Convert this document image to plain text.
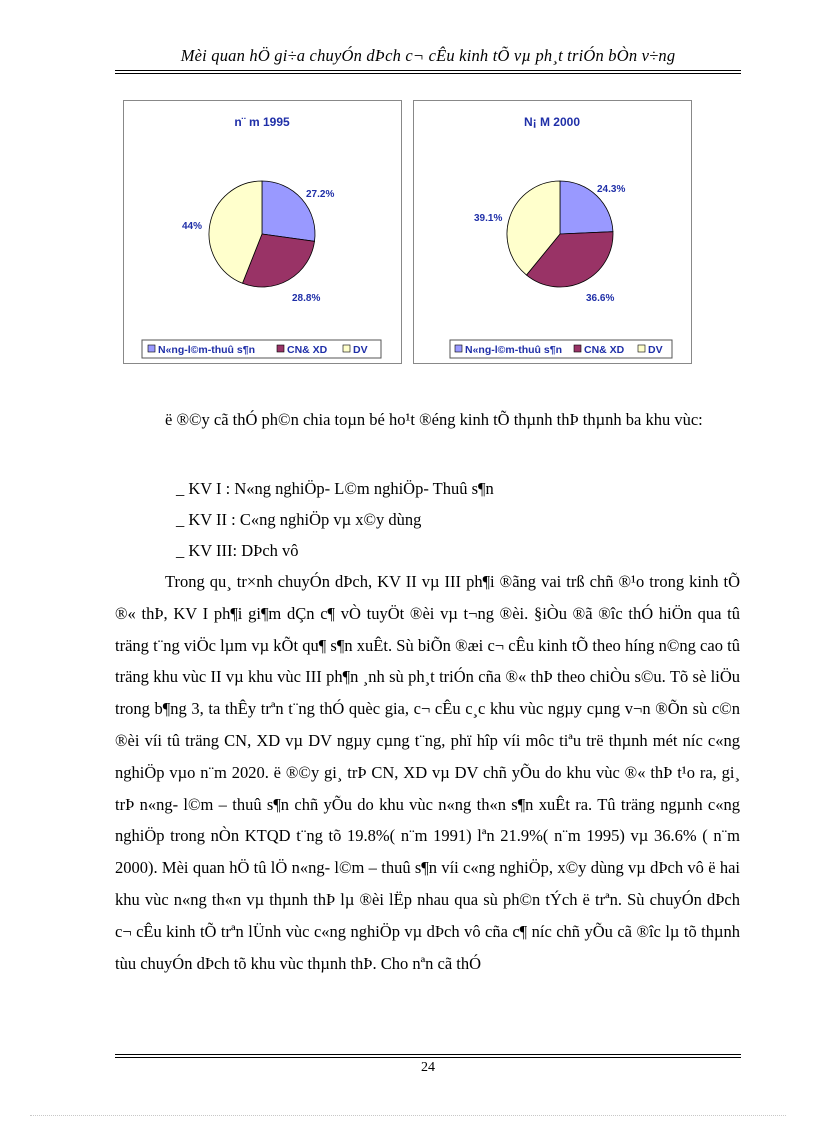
Mèi quan hÖ gi÷a chuyÓn dÞch c¬ cÊu kinh tÕ vµ ph¸t triÓn bÒn v÷ng
n¨ m 1995
27.2%
28.8%
44%
N«ng-l©m-thuû s¶n	CN& XD DV
N¡ M 2000
24.3%
36.6%
39.1%
N«ng-l©m-thuû s¶n CN& XD DV
ë ®©y cã thÓ ph©n chia toµn bé ho¹t ®éng kinh tÕ thµnh thÞ thµnh ba khu vùc:
_ KV I : N«ng nghiÖp- L©m nghiÖp- Thuû s¶n
_ KV II : C«ng nghiÖp vµ x©y dùng
_ KV III: DÞch vô
Trong qu¸ tr×nh chuyÓn dÞch, KV II vµ III ph¶i ®ãng vai trß chñ ®¹o trong kinh tÕ ®« thÞ, KV I ph¶i gi¶m dÇn c¶ vÒ tuyÖt ®èi vµ t¬ng ®èi. §iÒu ®ã ®îc thÓ hiÖn qua tû träng t¨ng viÖc lµm vµ kÕt qu¶ s¶n xuÊt. Sù biÕn ®æi c¬ cÊu kinh tÕ theo híng n©ng cao tû träng khu vùc II vµ khu vùc III ph¶n ¸nh sù ph¸t triÓn cña ®« thÞ theo chiÒu s©u. Tõ sè liÖu trong b¶ng 3, ta thÊy trªn t¨ng thÓ quèc gia, c¬ cÊu c¸c khu vùc ngµy cµng v¬n ®Õn sù c©n ®èi víi tû träng CN, XD vµ DV ngµy cµng t¨ng, phï hîp víi môc tiªu trë thµnh mét níc c«ng nghiÖp vµo n¨m 2020. ë ®©y gi¸ trÞ CN, XD vµ DV chñ yÕu do khu vùc ®« thÞ t¹o ra, gi¸ trÞ n«ng- l©m – thuû s¶n chñ yÕu do khu vùc n«ng th«n s¶n xuÊt ra. Tû träng ngµnh c«ng nghiÖp trong nÒn KTQD t¨ng tõ 19.8%( n¨m 1991) lªn 21.9%( n¨m 1995) vµ 36.6% ( n¨m 2000). Mèi quan hÖ tû lÖ n«ng- l©m – thuû s¶n víi c«ng nghiÖp, x©y dùng vµ dÞch vô ë hai khu vùc n«ng th«n vµ thµnh thÞ lµ ®èi lËp nhau qua sù ph©n tÝch ë trªn. Sù chuyÓn dÞch c¬ cÊu kinh tÕ trªn lÜnh vùc c«ng nghiÖp vµ dÞch vô cña c¶ níc chñ yÕu cã ®îc lµ tõ thµnh tùu chuyÓn dÞch tõ khu vùc thµnh thÞ. Cho nªn cã thÓ
24
